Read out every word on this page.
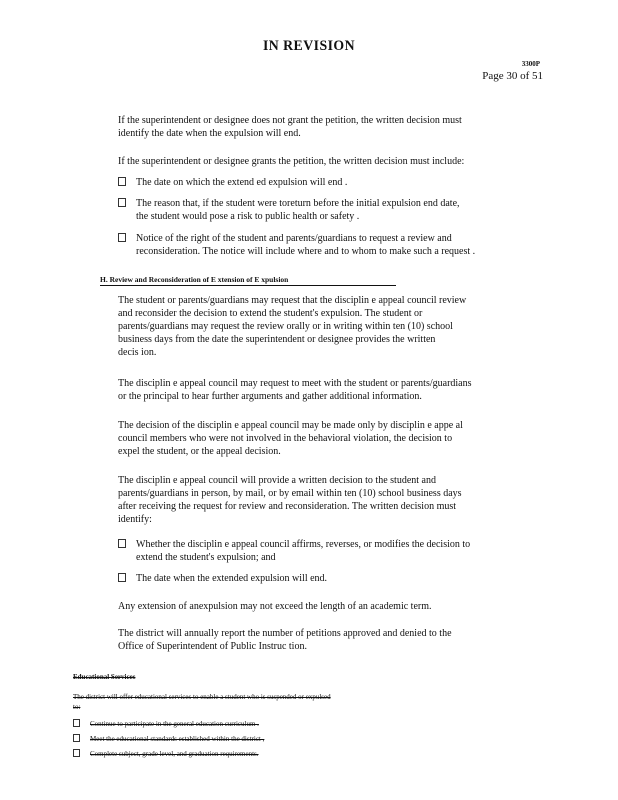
IN REVISION
3300P
Page 30 of 51
If the superintendent or designee does not grant the petition, the written decision must
identify the date when the expulsion will end.
If the superintendent or designee grants the petition, the written decision must include:
The date on which the extend ed expulsion will end .
The reason that, if the student were toreturn before the initial expulsion end date,
the student would pose a risk to public health or safety .
Notice of the right of the student and parents/guardians to request a review and
reconsideration. The notice will include where and to whom to make such a request .
H. Review and Reconsideration of E xtension of E xpulsion
The student or parents/guardians may request that the disciplin e appeal council review
and reconsider the decision to extend the student's expulsion. The student or
parents/guardians may request the review orally or in writing within ten (10) school
business days from the date the superintendent or designee provides the written
decis ion.
The disciplin e appeal council may request to meet with the student or parents/guardians
or the principal to hear further arguments and gather additional information.
The decision of the disciplin e appeal council may be made only by disciplin e appe al
council members who were not involved in the behavioral violation, the decision to
expel the student, or the appeal decision.
The disciplin e appeal council will provide a written decision to the student and
parents/guardians in person, by mail, or by email within ten (10) school business days
after receiving the request for review and reconsideration. The written decision must
identify:
Whether the disciplin e appeal council affirms, reverses, or modifies the decision to
extend the student's expulsion; and
The date when the extended expulsion will end.
Any extension of anexpulsion may not exceed the length of an academic term.
The district will annually report the number of petitions approved and denied to the
Office of Superintendent of Public Instruc tion.
Educational Services
The district will offer educational services to enable a student who is suspended or expulsed
to:
Continue to participate in the general education curriculum .
Meet the educational standards established within the district ,
Complete subject, grade level, and graduation requirements.
